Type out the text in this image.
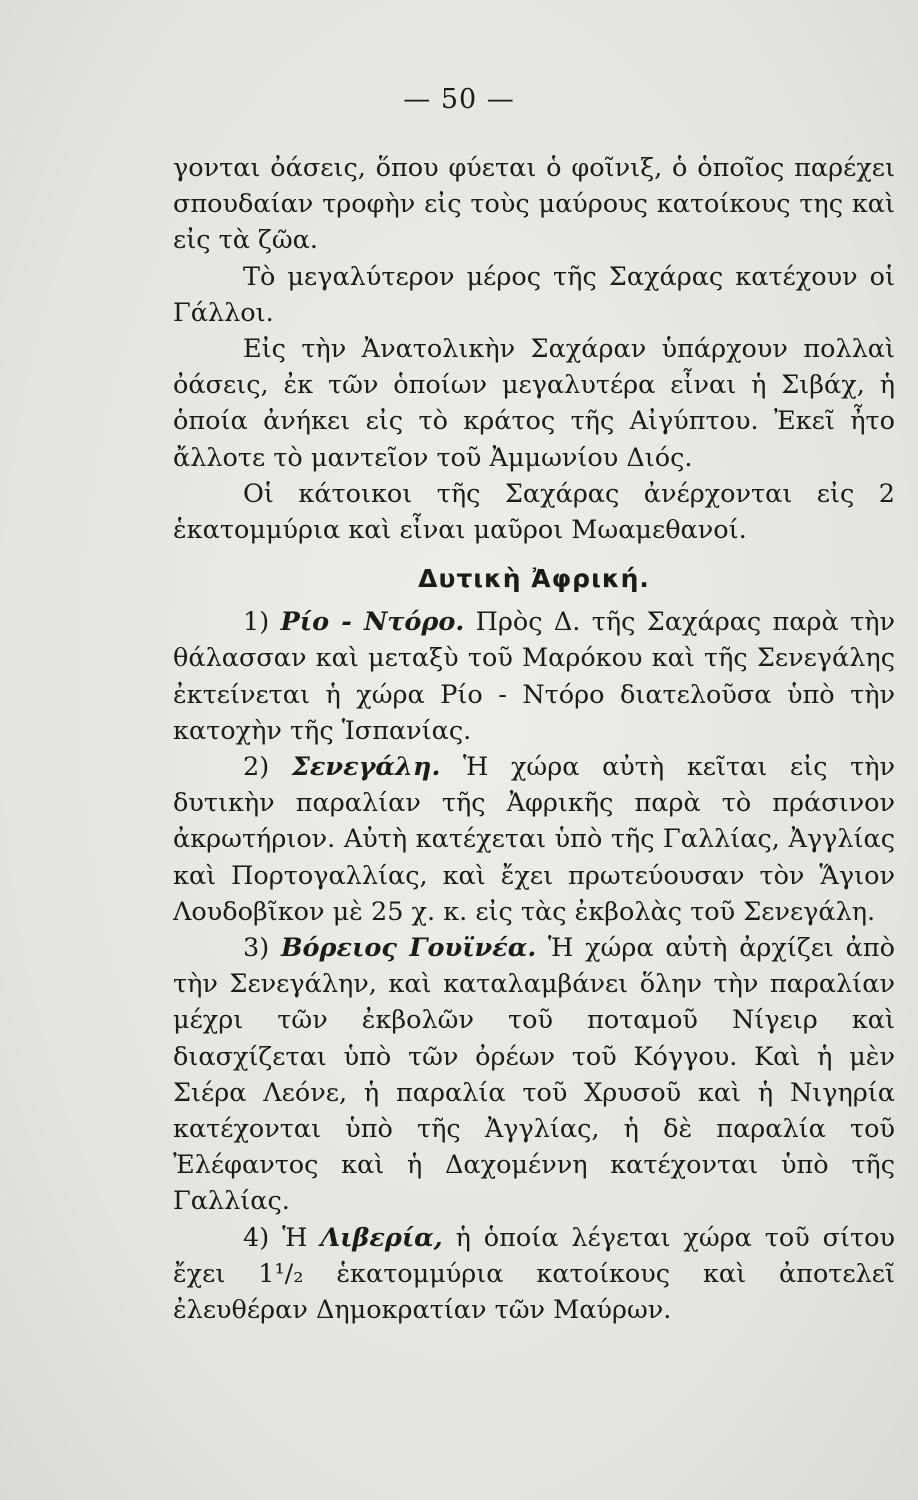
— 50 —

γονται ὀάσεις, ὅπου φύεται ὁ φοῖνιξ, ὁ ὁποῖος παρέχει σπουδαίαν τροφὴν εἰς τοὺς μαύρους κατοίκους της καὶ εἰς τὰ ζῶα.

Τὸ μεγαλύτερον μέρος τῆς Σαχάρας κατέχουν οἱ Γάλλοι.

Εἰς τὴν Ἀνατολικὴν Σαχάραν ὑπάρχουν πολλαὶ ὀάσεις, ἐκ τῶν ὁποίων μεγαλυτέρα εἶναι ἡ Σιβάχ, ἡ ὁποία ἀνήκει εἰς τὸ κράτος τῆς Αἰγύπτου. Ἐκεῖ ἦτο ἄλλοτε τὸ μαντεῖον τοῦ Ἀμμωνίου Διός.

Οἱ κάτοικοι τῆς Σαχάρας ἀνέρχονται εἰς 2 ἑκατομμύρια καὶ εἶναι μαῦροι Μωαμεθανοί.

Δυτικὴ Ἀφρική.

1) Ρίο - Ντόρο. Πρὸς Δ. τῆς Σαχάρας παρὰ τὴν θάλασσαν καὶ μεταξὺ τοῦ Μαρόκου καὶ τῆς Σενεγάλης ἐκτείνεται ἡ χώρα Ρίο - Ντόρο διατελοῦσα ὑπὸ τὴν κατοχὴν τῆς Ἱσπανίας.

2) Σενεγάλη. Ἡ χώρα αὐτὴ κεῖται εἰς τὴν δυτικὴν παραλίαν τῆς Ἀφρικῆς παρὰ τὸ πράσινον ἀκρωτήριον. Αὐτὴ κατέχεται ὑπὸ τῆς Γαλλίας, Ἀγγλίας καὶ Πορτογαλλίας, καὶ ἔχει πρωτεύουσαν τὸν Ἅγιον Λουδοβῖκον μὲ 25 χ. κ. εἰς τὰς ἐκβολὰς τοῦ Σενεγάλη.

3) Βόρειος Γουϊνέα. Ἡ χώρα αὐτὴ ἀρχίζει ἀπὸ τὴν Σενεγάλην, καὶ καταλαμβάνει ὅλην τὴν παραλίαν μέχρι τῶν ἐκβολῶν τοῦ ποταμοῦ Νίγειρ καὶ διασχίζεται ὑπὸ τῶν ὀρέων τοῦ Κόγγου. Καὶ ἡ μὲν Σιέρα Λεόνε, ἡ παραλία τοῦ Χρυσοῦ καὶ ἡ Νιγηρία κατέχονται ὑπὸ τῆς Ἀγγλίας, ἡ δὲ παραλία τοῦ Ἐλέφαντος καὶ ἡ Δαχομέννη κατέχονται ὑπὸ τῆς Γαλλίας.

4) Ἡ Λιβερία, ἡ ὁποία λέγεται χώρα τοῦ σίτου ἔχει 1¹/₂ ἑκατομμύρια κατοίκους καὶ ἀποτελεῖ ἐλευθέραν Δημοκρατίαν τῶν Μαύρων.
